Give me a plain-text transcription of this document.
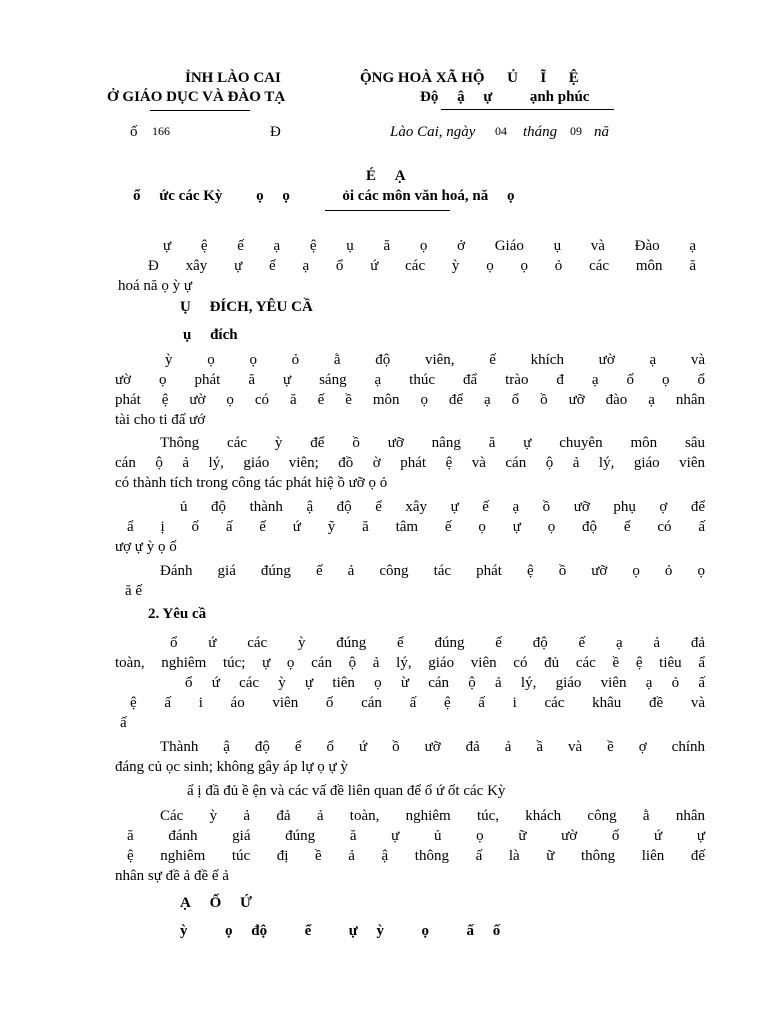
ỈNH LÀO CAI
Ở GIÁO DỤC VÀ ĐÀO TẠ
ỘNG HOÀ XÃ HỘ      Ủ      Ĩ      Ệ
Độ     ậ     ự          ạnh phúc
ố 166	Đ	Lào Cai, ngày 04 tháng 09 nă
É     Ạ
ổ     ức các Kỳ         ọ     ọ              ỏi các môn văn hoá, nă     ọ
ự ệ ế ạ ệ ụ ă ọ ở Giáo ụ và Đào ạ
Đ xây ự ế ạ ổ ứ các ỳ ọ ọ ỏ các môn ă
hoá nă ọ ỳ ự
Ụ     ĐÍCH, YÊU CẦ
ụ     đích
ỳ ọ ọ ỏ ằ độ viên, ế khích ườ ạ và
ườ ọ phát ă ự sáng ạ thúc đẩ trào đ ạ ố ọ ổ
phát ệ ườ ọ có ă ế ề môn ọ để ạ ổ ồ ưỡ đào ạ nhân
tài cho ti đấ ướ
Thông các ỳ để ồ ưỡ nâng ă ự chuyên môn sâu
cán ộ ả lý, giáo viên; đồ ờ phát ệ và cán ộ ả lý, giáo viên
có thành tích trong công tác phát hiệ ồ ưỡ ọ ỏ
ủ độ thành ậ độ ể xây ự ế ạ ồ ưỡ phụ ợ để
ẩ ị ố ấ ế ứ ỹ ă tâm ế ọ ự ọ độ ể có ấ
ượ ự ỳ ọ ố
Đánh giá đúng ế ả công tác phát ệ ồ ưỡ ọ ỏ ọ
ă ế
2. Yêu cầ
ổ ứ các ỳ đúng ế đúng ế độ ế ạ ả đả
toàn, nghiêm túc; ự ọ cán ộ ả lý, giáo viên có đủ các ề ệ tiêu ẩ
ổ ứ các ỳ ự tiên ọ ừ cán ộ ả lý, giáo viên ạ ỏ ấ
ệ ấ i áo viên ố cán ấ ệ ấ i các khâu đề và
ấ
Thành ậ độ ể ổ ứ ồ ưỡ đả ả ầ và ề ợ chính
đáng củ ọc sinh; không gây áp lự ọ ự ỳ
ẩ ị đầ đủ ề ện và các vấ đề liên quan để ổ ứ ốt các Kỳ
Các ỳ ả đả ả toàn, nghiêm túc, khách công ằ nhân
ă đánh giá đúng ă ự ủ ọ ữ ườ ố ứ ự
ệ nghiêm túc đị ề ả ậ thông ấ là ữ thông liên đế
nhân sự đề ả đề ế ả
Ạ     Ổ     Ứ
ỳ          ọ     độ          ể          ự     ỳ          ọ          ấ     ố
